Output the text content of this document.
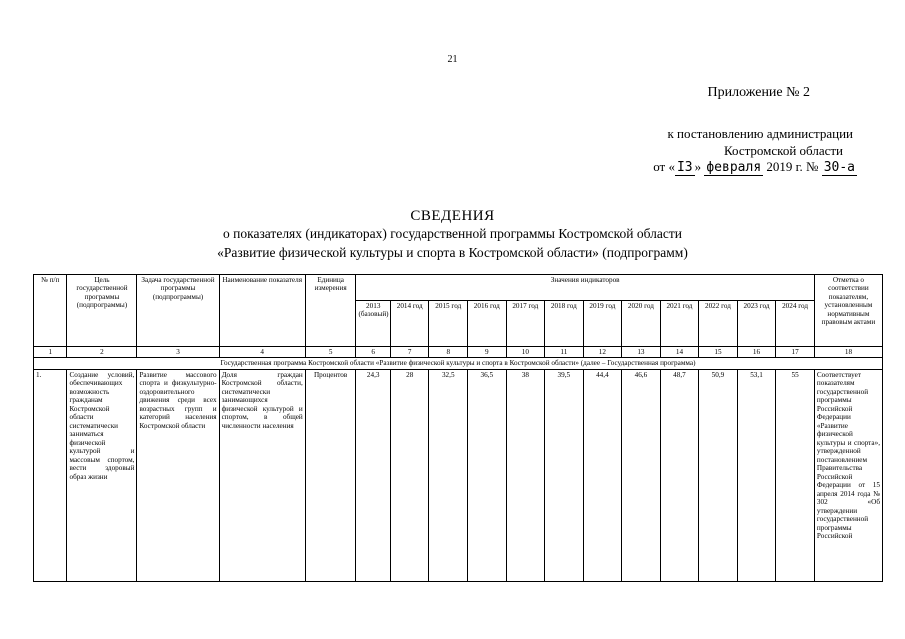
21
Приложение № 2
к постановлению администрации
Костромской области
от « I3 » февраля 2019 г. № 30-а
СВЕДЕНИЯ
о показателях (индикаторах) государственной программы Костромской области
«Развитие физической культуры и спорта в Костромской области» (подпрограмм)
№ п/п	Цель государственной программы (подпрограммы)	Задача государственной программы (подпрограммы)	Наименование показателя	Единица измерения	Значения индикаторов												Отметка о соответствии показателям, установленным нормативным правовым актами
					2013 (базовый)	2014 год	2015 год	2016 год	2017 год	2018 год	2019 год	2020 год	2021 год	2022 год	2023 год	2024 год	
1	2	3	4	5	6	7	8	9	10	11	12	13	14	15	16	17	18
Государственная программа Костромской области «Развитие физической культуры и спорта в Костромской области» (далее – Государственная программа)																	
1.	Создание условий, обеспечивающих возможность гражданам Костромской области систематически заниматься физической культурой и массовым спортом, вести здоровый образ жизни	Развитие массового спорта и физкультурно-оздоровительного движения среди всех возрастных групп и категорий населения Костромской области	Доля граждан Костромской области, систематически занимающихся физической культурой и спортом, в общей численности населения	Процентов	24,3	28	32,5	36,5	38	39,5	44,4	46,6	48,7	50,9	53,1	55	Соответствует показателям государственной программы Российской Федерации «Развитие физической культуры и спорта», утвержденной постановлением Правительства Российской Федерации от 15 апреля 2014 года № 302 «Об утверждении государственной программы Российской
